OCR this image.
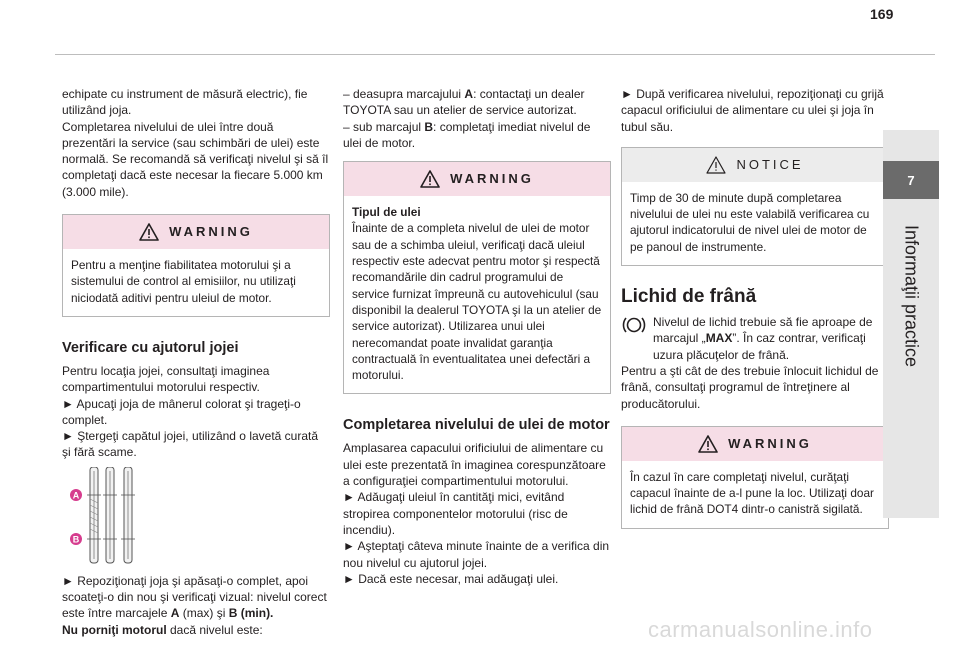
169

echipate cu instrument de măsură electric), fie utilizând joja.

Completarea nivelului de ulei între două prezentări la service (sau schimbări de ulei) este normală. Se recomandă să verificaţi nivelul şi să îl completaţi dacă este necesar la fiecare 5.000 km (3.000 mile).

WARNING
Pentru a menţine fiabilitatea motorului şi a sistemului de control al emisiilor, nu utilizaţi niciodată aditivi pentru uleiul de motor.
Verificare cu ajutorul jojei

Pentru locaţia jojei, consultaţi imaginea compartimentului motorului respectiv.

► Apucaţi joja de mânerul colorat şi trageţi-o complet.

► Ştergeţi capătul jojei, utilizând o lavetă curată şi fără scame.

A
B

► Repoziţionaţi joja şi apăsaţi-o complet, apoi scoateţi-o din nou şi verificaţi vizual: nivelul corect este între marcajele A (max) şi B (min).
Nu porniţi motorul dacă nivelul este:

– deasupra marcajului A: contactaţi un dealer TOYOTA sau un atelier de service autorizat.

– sub marcajul B: completaţi imediat nivelul de ulei de motor.

WARNING
Tipul de ulei
Înainte de a completa nivelul de ulei de motor sau de a schimba uleiul, verificaţi dacă uleiul respectiv este adecvat pentru motor şi respectă recomandările din cadrul programului de service furnizat împreună cu autovehiculul (sau disponibil la dealerul TOYOTA şi la un atelier de service autorizat). Utilizarea unui ulei nerecomandat poate invalidat garanţia contractuală în eventualitatea unei defectări a motorului.
Completarea nivelului de ulei de motor

Amplasarea capacului orificiului de alimentare cu ulei este prezentată în imaginea corespunzătoare a configuraţiei compartimentului motorului.

► Adăugaţi uleiul în cantităţi mici, evitând stropirea componentelor motorului (risc de incendiu).

► Aşteptaţi câteva minute înainte de a verifica din nou nivelul cu ajutorul jojei.

► Dacă este necesar, mai adăugaţi ulei.

► După verificarea nivelului, repoziţionaţi cu grijă capacul orificiului de alimentare cu ulei şi joja în tubul său.

NOTICE
Timp de 30 de minute după completarea nivelului de ulei nu este valabilă verificarea cu ajutorul indicatorului de nivel ulei de motor de pe panoul de instrumente.
Lichid de frână

Nivelul de lichid trebuie să fie aproape de marcajul „MAX”. În caz contrar, verificaţi uzura plăcuţelor de frână.

Pentru a şti cât de des trebuie înlocuit lichidul de frână, consultaţi programul de întreţinere al producătorului.

WARNING
În cazul în care completaţi nivelul, curăţaţi capacul înainte de a-l pune la loc. Utilizaţi doar lichid de frână DOT4 dintr-o canistră sigilată.
7
Informaţii practice
carmanualsonline.info
